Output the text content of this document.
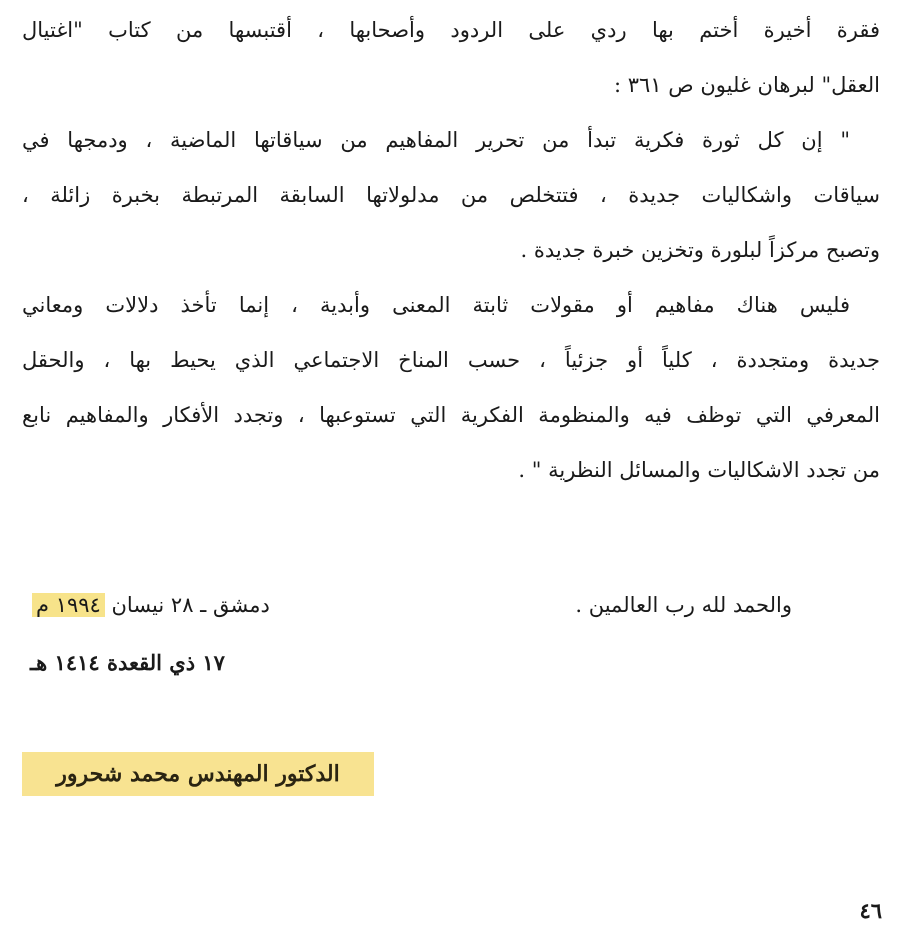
فقرة أخيرة أختم بها ردي على الردود وأصحابها ، أقتبسها من كتاب "اغتيال
العقل" لبرهان غليون ص ٣٦١ :
" إن كل ثورة فكرية تبدأ من تحرير المفاهيم من سياقاتها الماضية ، ودمجها في
سياقات واشكاليات جديدة ، فتتخلص من مدلولاتها السابقة المرتبطة بخبرة زائلة ،
وتصبح مركزاً لبلورة وتخزين خبرة جديدة .
فليس هناك مفاهيم أو مقولات ثابتة المعنى وأبدية ، إنما تأخذ دلالات ومعاني
جديدة ومتجددة ، كلياً أو جزئياً ، حسب المناخ الاجتماعي الذي يحيط بها ، والحقل
المعرفي التي توظف فيه والمنظومة الفكرية التي تستوعبها ، وتجدد الأفكار والمفاهيم نابع
من تجدد الاشكاليات والمسائل النظرية " .
والحمد لله رب العالمين .
دمشق ـ ٢٨ نيسان ١٩٩٤ م
١٧ ذي القعدة ١٤١٤ هـ
الدكتور المهندس محمد شحرور
٤٦
